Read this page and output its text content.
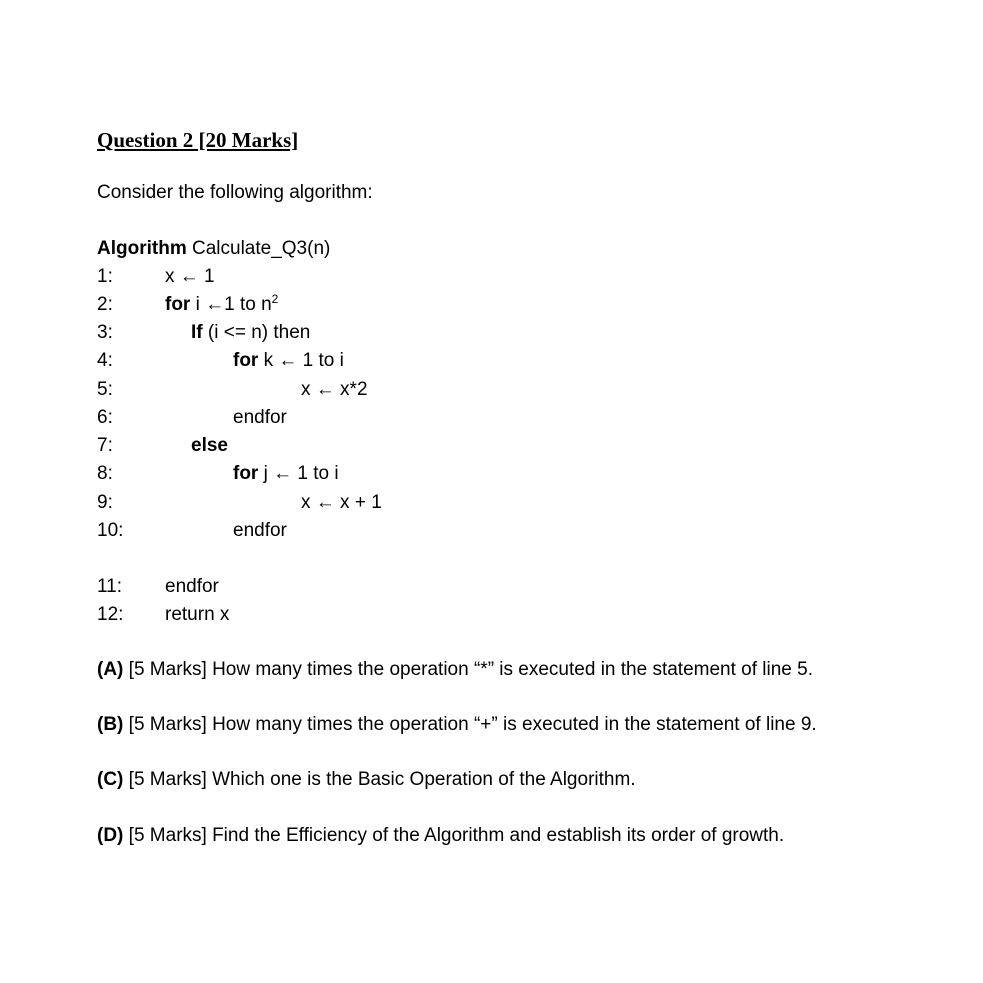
Question 2 [20 Marks]
Consider the following algorithm:
Algorithm Calculate_Q3(n)
1:	x ← 1
2:	for i ←1 to $n^2$
3:	If (i <= n) then
4:	for k ← 1 to i
5:	x ← x*2
6:	endfor
7:	else
8:	for j ← 1 to i
9:	x ← x + 1
10:	endfor
11: endfor
12: return x
(A) [5 Marks] How many times the operation “*” is executed in the statement of line 5.
(B) [5 Marks] How many times the operation “+” is executed in the statement of line 9.
(C) [5 Marks] Which one is the Basic Operation of the Algorithm.
(D) [5 Marks] Find the Efficiency of the Algorithm and establish its order of growth.
